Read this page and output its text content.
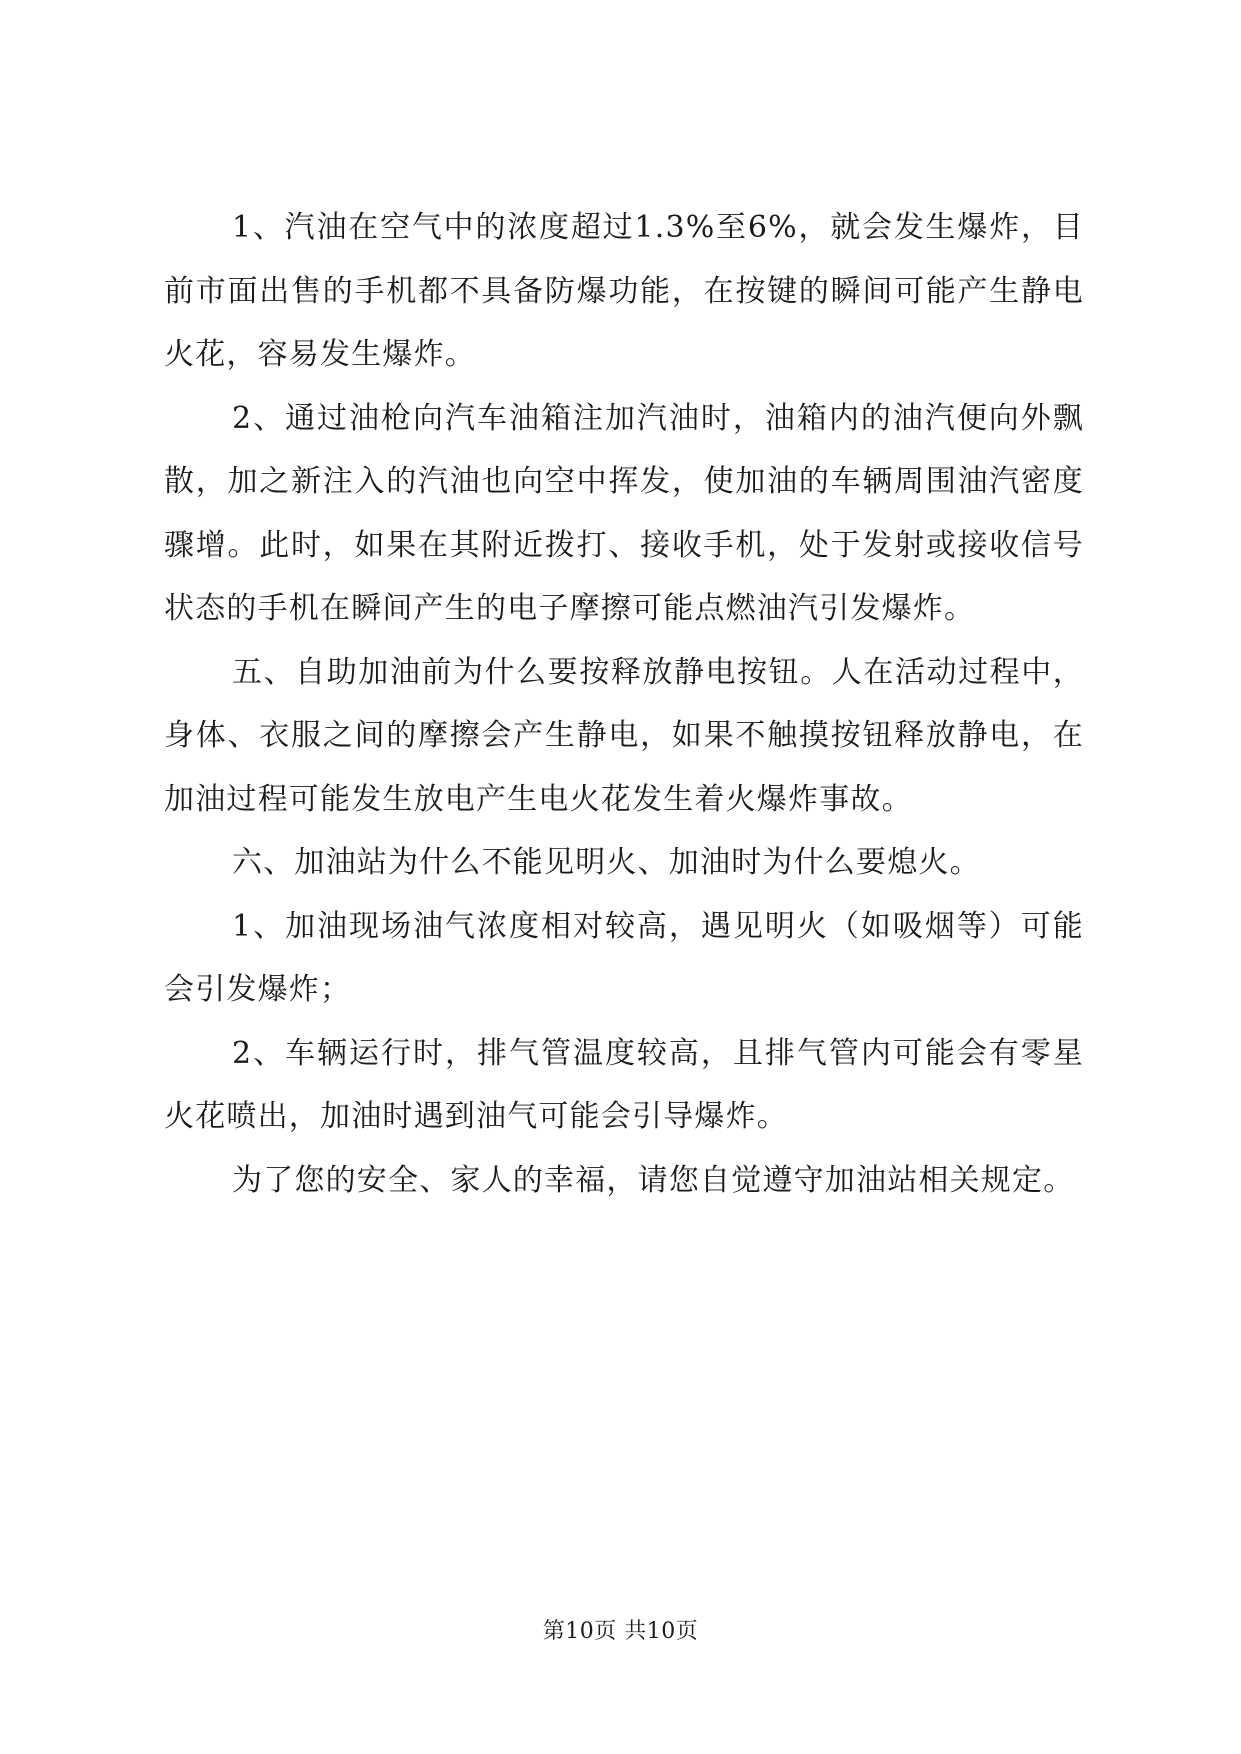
1、汽油在空气中的浓度超过1.3%至6%，就会发生爆炸，目前市面出售的手机都不具备防爆功能，在按键的瞬间可能产生静电火花，容易发生爆炸。

2、通过油枪向汽车油箱注加汽油时，油箱内的油汽便向外飘散，加之新注入的汽油也向空中挥发，使加油的车辆周围油汽密度骤增。此时，如果在其附近拨打、接收手机，处于发射或接收信号状态的手机在瞬间产生的电子摩擦可能点燃油汽引发爆炸。

五、自助加油前为什么要按释放静电按钮。人在活动过程中，身体、衣服之间的摩擦会产生静电，如果不触摸按钮释放静电，在加油过程可能发生放电产生电火花发生着火爆炸事故。

六、加油站为什么不能见明火、加油时为什么要熄火。

1、加油现场油气浓度相对较高，遇见明火（如吸烟等）可能会引发爆炸；

2、车辆运行时，排气管温度较高，且排气管内可能会有零星火花喷出，加油时遇到油气可能会引导爆炸。

为了您的安全、家人的幸福，请您自觉遵守加油站相关规定。

第10页 共10页
